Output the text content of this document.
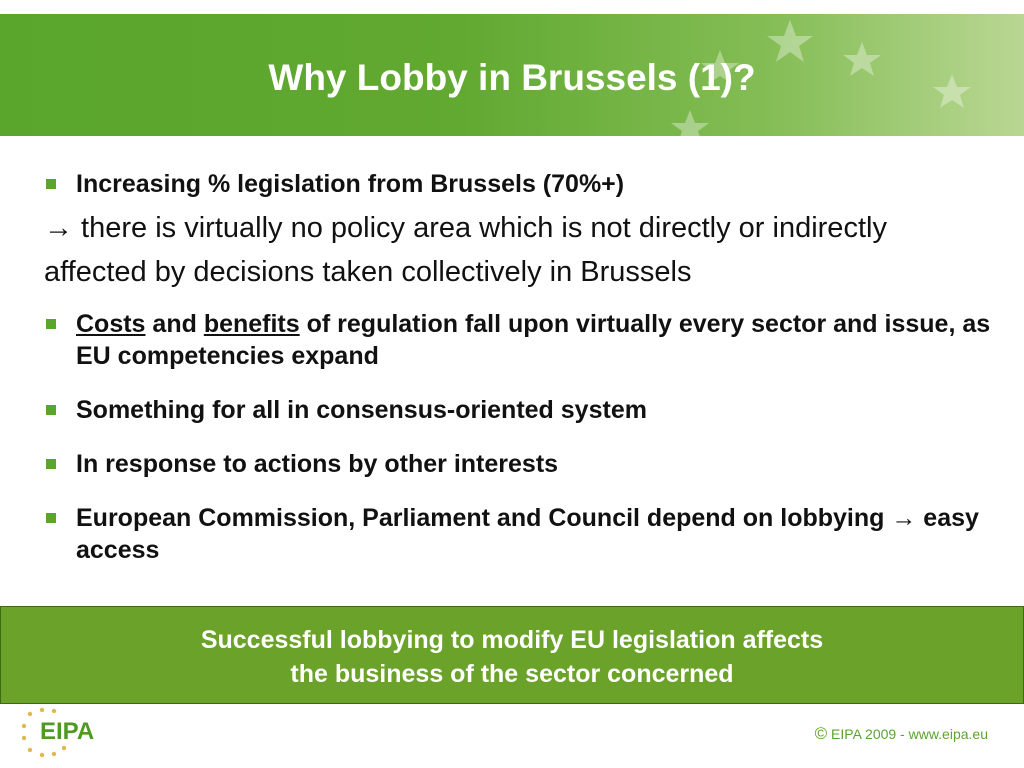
Why Lobby in Brussels (1)?
Increasing % legislation from Brussels (70%+)
→ there is virtually no policy area which is not directly or indirectly affected by decisions taken collectively in Brussels
Costs and benefits of regulation fall upon virtually every sector and issue, as EU competencies expand
Something for all in consensus-oriented system
In response to actions by other interests
European Commission, Parliament and Council depend on lobbying → easy access
Successful lobbying to modify EU legislation affects
the business of the sector concerned
EIPA	© EIPA 2009 - www.eipa.eu
